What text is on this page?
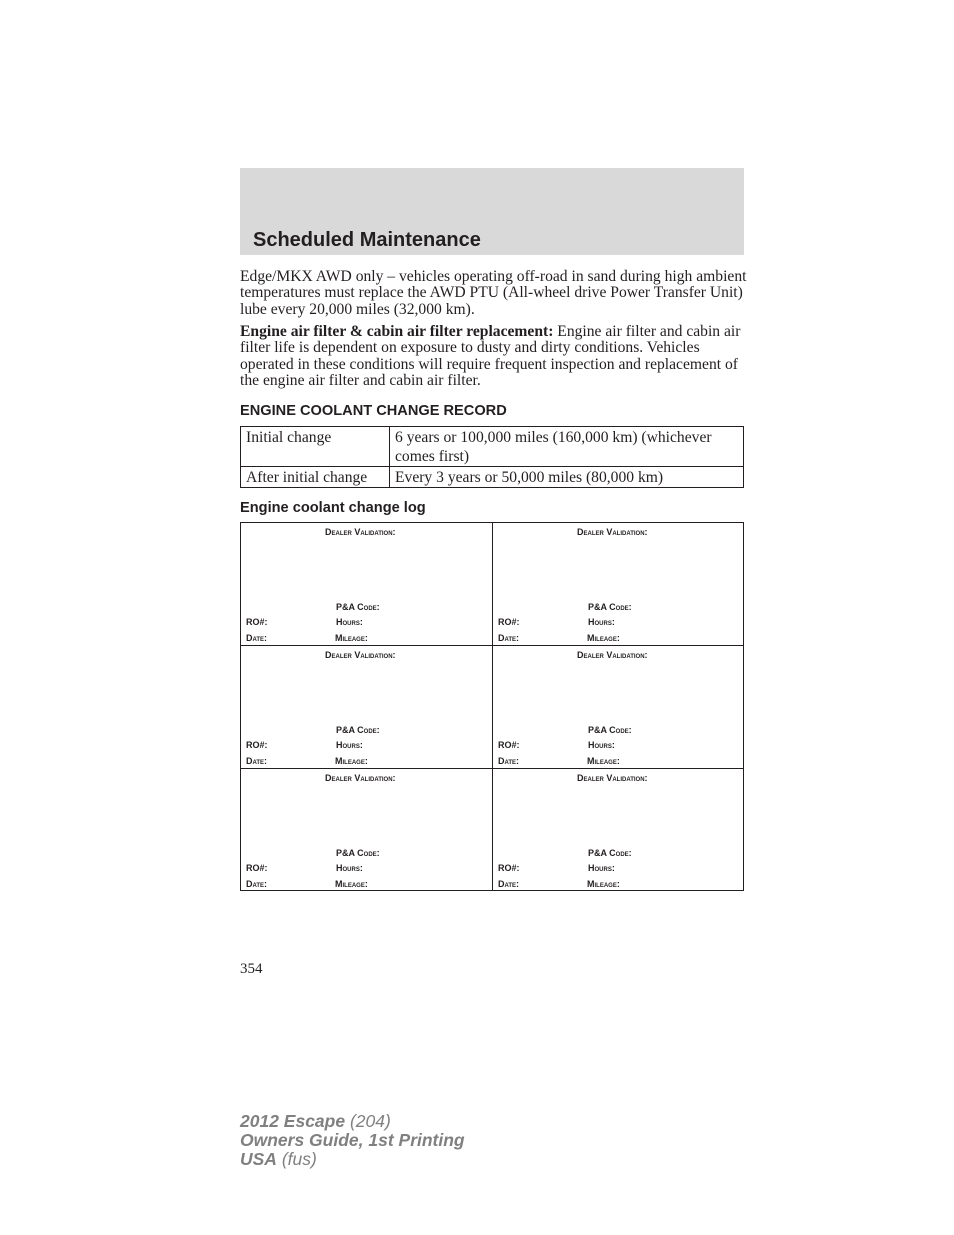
Scheduled Maintenance
Edge/MKX AWD only – vehicles operating off-road in sand during high ambient temperatures must replace the AWD PTU (All-wheel drive Power Transfer Unit) lube every 20,000 miles (32,000 km).
Engine air filter & cabin air filter replacement: Engine air filter and cabin air filter life is dependent on exposure to dusty and dirty conditions. Vehicles operated in these conditions will require frequent inspection and replacement of the engine air filter and cabin air filter.
ENGINE COOLANT CHANGE RECORD
Initial change	6 years or 100,000 miles (160,000 km) (whichever comes first)
After initial change	Every 3 years or 50,000 miles (80,000 km)
Engine coolant change log
Dealer Validation:
P&A Code:
RO#:	Hours:
Date:	Mileage:
Dealer Validation:
P&A Code:
RO#:	Hours:
Date:	Mileage:
Dealer Validation:
P&A Code:
RO#:	Hours:
Date:	Mileage:
Dealer Validation:
P&A Code:
RO#:	Hours:
Date:	Mileage:
Dealer Validation:
P&A Code:
RO#:	Hours:
Date:	Mileage:
Dealer Validation:
P&A Code:
RO#:	Hours:
Date:	Mileage:
354
2012 Escape (204)
Owners Guide, 1st Printing
USA (fus)
